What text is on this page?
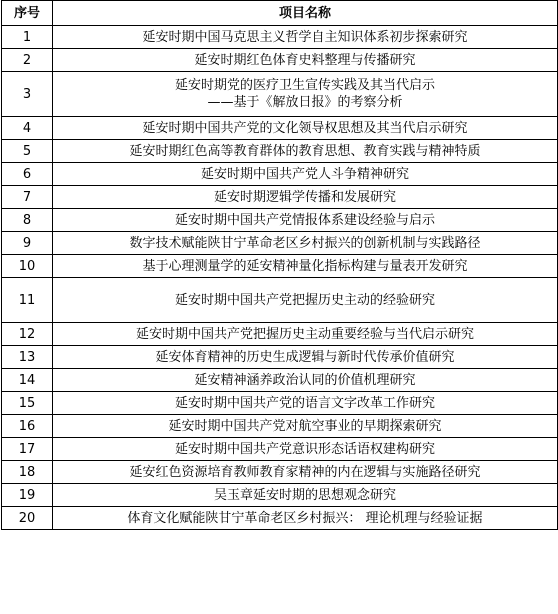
序号	项目名称
1	延安时期中国马克思主义哲学自主知识体系初步探索研究
2	延安时期红色体育史料整理与传播研究
3	延安时期党的医疗卫生宣传实践及其当代启示
——基于《解放日报》的考察分析

4	延安时期中国共产党的文化领导权思想及其当代启示研究
5	延安时期红色高等教育群体的教育思想、教育实践与精神特质
6	延安时期中国共产党人斗争精神研究
7	延安时期逻辑学传播和发展研究
8	延安时期中国共产党情报体系建设经验与启示
9	数字技术赋能陕甘宁革命老区乡村振兴的创新机制与实践路径
10	基于心理测量学的延安精神量化指标构建与量表开发研究
11	延安时期中国共产党把握历史主动的经验研究
12	延安时期中国共产党把握历史主动重要经验与当代启示研究
13	延安体育精神的历史生成逻辑与新时代传承价值研究
14	延安精神涵养政治认同的价值机理研究
15	延安时期中国共产党的语言文字改革工作研究
16	延安时期中国共产党对航空事业的早期探索研究
17	延安时期中国共产党意识形态话语权建构研究
18	延安红色资源培育教师教育家精神的内在逻辑与实施路径研究
19	吴玉章延安时期的思想观念研究
20	体育文化赋能陕甘宁革命老区乡村振兴： 理论机理与经验证据
